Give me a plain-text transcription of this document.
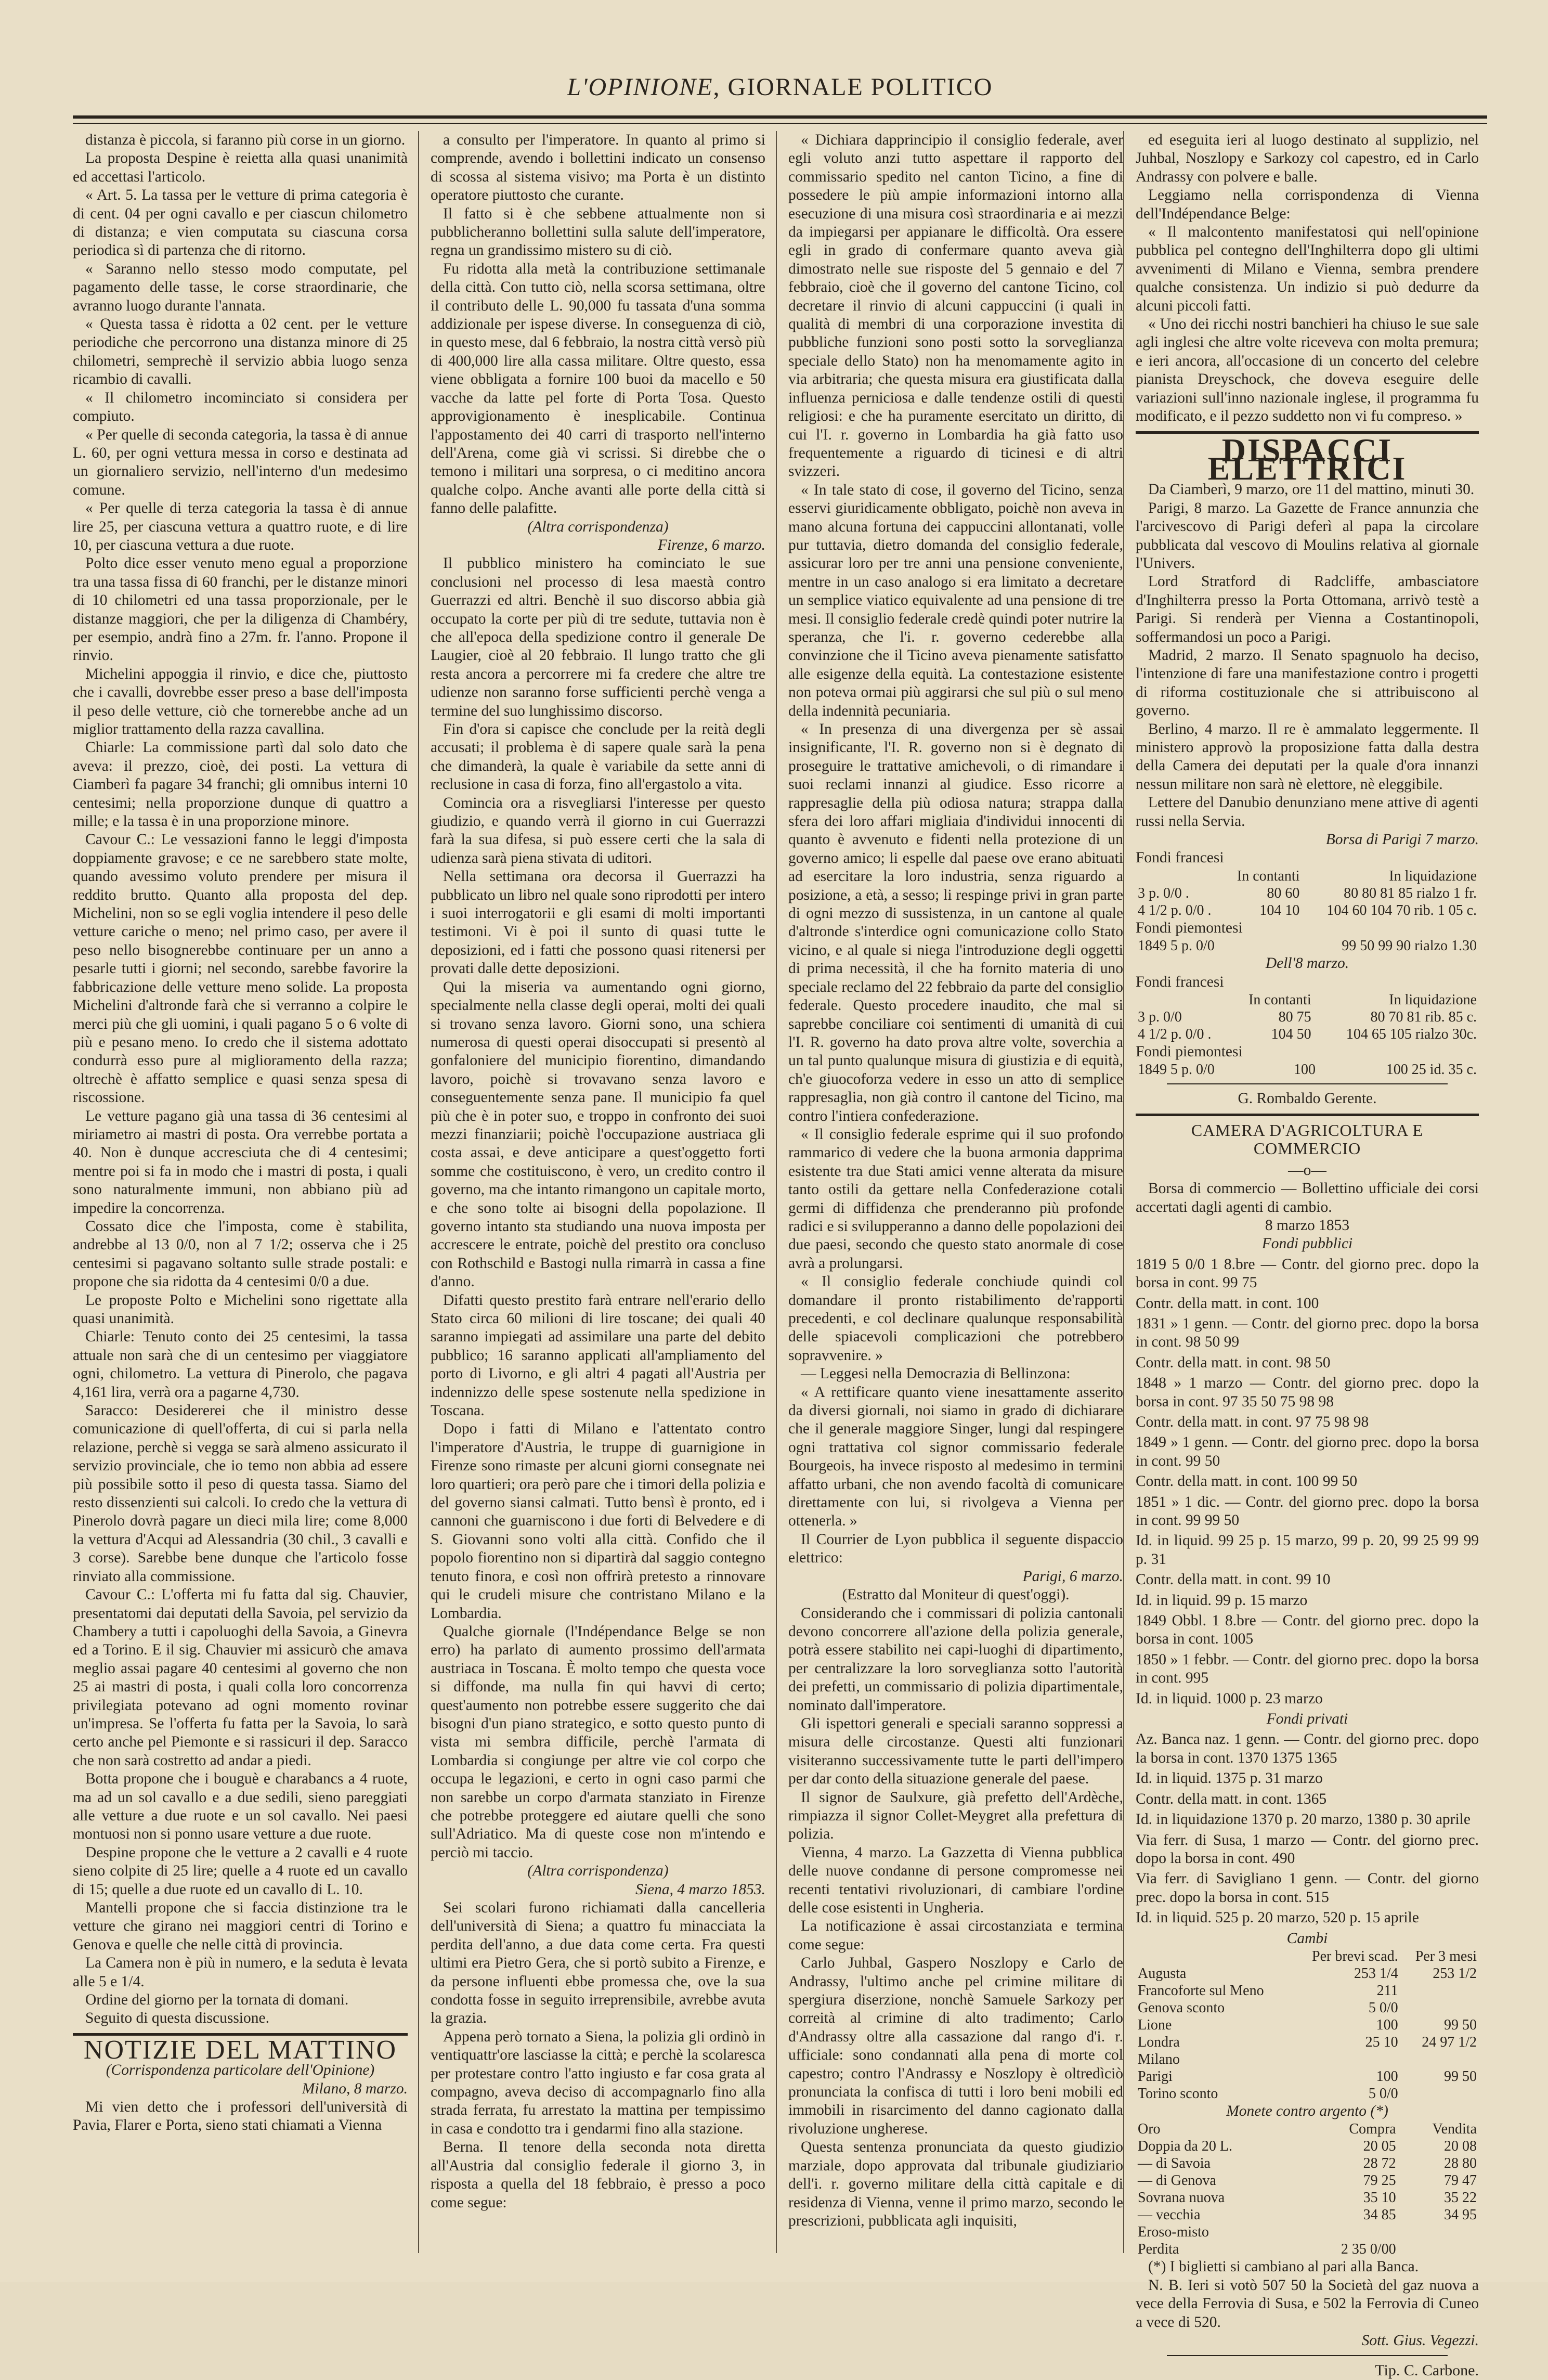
L'OPINIONE, GIORNALE POLITICO

distanza è piccola, si faranno più corse in un giorno.

La proposta Despine è reietta alla quasi unanimità ed accettasi l'articolo.

« Art. 5. La tassa per le vetture di prima categoria è di cent. 04 per ogni cavallo e per ciascun chilometro di distanza; e vien computata su ciascuna corsa periodica sì di partenza che di ritorno.

« Saranno nello stesso modo computate, pel pagamento delle tasse, le corse straordinarie, che avranno luogo durante l'annata.

« Questa tassa è ridotta a 02 cent. per le vetture periodiche che percorrono una distanza minore di 25 chilometri, semprechè il servizio abbia luogo senza ricambio di cavalli.

« Il chilometro incominciato si considera per compiuto.

« Per quelle di seconda categoria, la tassa è di annue L. 60, per ogni vettura messa in corso e destinata ad un giornaliero servizio, nell'interno d'un medesimo comune.

« Per quelle di terza categoria la tassa è di annue lire 25, per ciascuna vettura a quattro ruote, e di lire 10, per ciascuna vettura a due ruote.

Polto dice esser venuto meno egual a proporzione tra una tassa fissa di 60 franchi, per le distanze minori di 10 chilometri ed una tassa proporzionale, per le distanze maggiori, che per la diligenza di Chambéry, per esempio, andrà fino a 27m. fr. l'anno. Propone il rinvio.

Michelini appoggia il rinvio, e dice che, piuttosto che i cavalli, dovrebbe esser preso a base dell'imposta il peso delle vetture, ciò che tornerebbe anche ad un miglior trattamento della razza cavallina.

Chiarle: La commissione partì dal solo dato che aveva: il prezzo, cioè, dei posti. La vettura di Ciamberì fa pagare 34 franchi; gli omnibus interni 10 centesimi; nella proporzione dunque di quattro a mille; e la tassa è in una proporzione minore.

Cavour C.: Le vessazioni fanno le leggi d'imposta doppiamente gravose; e ce ne sarebbero state molte, quando avessimo voluto prendere per misura il reddito brutto. Quanto alla proposta del dep. Michelini, non so se egli voglia intendere il peso delle vetture cariche o meno; nel primo caso, per avere il peso nello bisognerebbe continuare per un anno a pesarle tutti i giorni; nel secondo, sarebbe favorire la fabbricazione delle vetture meno solide. La proposta Michelini d'altronde farà che si verranno a colpire le merci più che gli uomini, i quali pagano 5 o 6 volte di più e pesano meno. Io credo che il sistema adottato condurrà esso pure al miglioramento della razza; oltrechè è affatto semplice e quasi senza spesa di riscossione.

Le vetture pagano già una tassa di 36 centesimi al miriametro ai mastri di posta. Ora verrebbe portata a 40. Non è dunque accresciuta che di 4 centesimi; mentre poi si fa in modo che i mastri di posta, i quali sono naturalmente immuni, non abbiano più ad impedire la concorrenza.

Cossato dice che l'imposta, come è stabilita, andrebbe al 13 0/0, non al 7 1/2; osserva che i 25 centesimi si pagavano soltanto sulle strade postali: e propone che sia ridotta da 4 centesimi 0/0 a due.

Le proposte Polto e Michelini sono rigettate alla quasi unanimità.

Chiarle: Tenuto conto dei 25 centesimi, la tassa attuale non sarà che di un centesimo per viaggiatore ogni, chilometro. La vettura di Pinerolo, che pagava 4,161 lira, verrà ora a pagarne 4,730.

Saracco: Desidererei che il ministro desse comunicazione di quell'offerta, di cui si parla nella relazione, perchè si vegga se sarà almeno assicurato il servizio provinciale, che io temo non abbia ad essere più possibile sotto il peso di questa tassa. Siamo del resto dissenzienti sui calcoli. Io credo che la vettura di Pinerolo dovrà pagare un dieci mila lire; come 8,000 la vettura d'Acqui ad Alessandria (30 chil., 3 cavalli e 3 corse). Sarebbe bene dunque che l'articolo fosse rinviato alla commissione.

Cavour C.: L'offerta mi fu fatta dal sig. Chauvier, presentatomi dai deputati della Savoia, pel servizio da Chambery a tutti i capoluoghi della Savoia, a Ginevra ed a Torino. E il sig. Chauvier mi assicurò che amava meglio assai pagare 40 centesimi al governo che non 25 ai mastri di posta, i quali colla loro concorrenza privilegiata potevano ad ogni momento rovinar un'impresa. Se l'offerta fu fatta per la Savoia, lo sarà certo anche pel Piemonte e si rassicuri il dep. Saracco che non sarà costretto ad andar a piedi.

Botta propone che i bouguè e charabancs a 4 ruote, ma ad un sol cavallo e a due sedili, sieno pareggiati alle vetture a due ruote e un sol cavallo. Nei paesi montuosi non si ponno usare vetture a due ruote.

Despine propone che le vetture a 2 cavalli e 4 ruote sieno colpite di 25 lire; quelle a 4 ruote ed un cavallo di 15; quelle a due ruote ed un cavallo di L. 10.

Mantelli propone che si faccia distinzione tra le vetture che girano nei maggiori centri di Torino e Genova e quelle che nelle città di provincia.

La Camera non è più in numero, e la seduta è levata alle 5 e 1/4.

Ordine del giorno per la tornata di domani.

Seguito di questa discussione.

NOTIZIE DEL MATTINO
(Corrispondenza particolare dell'Opinione)
Milano, 8 marzo.

Mi vien detto che i professori dell'università di Pavia, Flarer e Porta, sieno stati chiamati a Vienna

a consulto per l'imperatore. In quanto al primo si comprende, avendo i bollettini indicato un consenso di scossa al sistema visivo; ma Porta è un distinto operatore piuttosto che curante.

Il fatto si è che sebbene attualmente non si pubblicheranno bollettini sulla salute dell'imperatore, regna un grandissimo mistero su di ciò.

Fu ridotta alla metà la contribuzione settimanale della città. Con tutto ciò, nella scorsa settimana, oltre il contributo delle L. 90,000 fu tassata d'una somma addizionale per ispese diverse. In conseguenza di ciò, in questo mese, dal 6 febbraio, la nostra città versò più di 400,000 lire alla cassa militare. Oltre questo, essa viene obbligata a fornire 100 buoi da macello e 50 vacche da latte pel forte di Porta Tosa. Questo approvigionamento è inesplicabile. Continua l'appostamento dei 40 carri di trasporto nell'interno dell'Arena, come già vi scrissi. Si direbbe che o temono i militari una sorpresa, o ci meditino ancora qualche colpo. Anche avanti alle porte della città si fanno delle palafitte.

(Altra corrispondenza)
Firenze, 6 marzo.

Il pubblico ministero ha cominciato le sue conclusioni nel processo di lesa maestà contro Guerrazzi ed altri. Benchè il suo discorso abbia già occupato la corte per più di tre sedute, tuttavia non è che all'epoca della spedizione contro il generale De Laugier, cioè al 20 febbraio. Il lungo tratto che gli resta ancora a percorrere mi fa credere che altre tre udienze non saranno forse sufficienti perchè venga a termine del suo lunghissimo discorso.

Fin d'ora si capisce che conclude per la reità degli accusati; il problema è di sapere quale sarà la pena che dimanderà, la quale è variabile da sette anni di reclusione in casa di forza, fino all'ergastolo a vita.

Comincia ora a risvegliarsi l'interesse per questo giudizio, e quando verrà il giorno in cui Guerrazzi farà la sua difesa, si può essere certi che la sala di udienza sarà piena stivata di uditori.

Nella settimana ora decorsa il Guerrazzi ha pubblicato un libro nel quale sono riprodotti per intero i suoi interrogatorii e gli esami di molti importanti testimoni. Vi è poi il sunto di quasi tutte le deposizioni, ed i fatti che possono quasi ritenersi per provati dalle dette deposizioni.

Qui la miseria va aumentando ogni giorno, specialmente nella classe degli operai, molti dei quali si trovano senza lavoro. Giorni sono, una schiera numerosa di questi operai disoccupati si presentò al gonfaloniere del municipio fiorentino, dimandando lavoro, poichè si trovavano senza lavoro e conseguentemente senza pane. Il municipio fa quel più che è in poter suo, e troppo in confronto dei suoi mezzi finanziarii; poichè l'occupazione austriaca gli costa assai, e deve anticipare a quest'oggetto forti somme che costituiscono, è vero, un credito contro il governo, ma che intanto rimangono un capitale morto, e che sono tolte ai bisogni della popolazione. Il governo intanto sta studiando una nuova imposta per accrescere le entrate, poichè del prestito ora concluso con Rothschild e Bastogi nulla rimarrà in cassa a fine d'anno.

Difatti questo prestito farà entrare nell'erario dello Stato circa 60 milioni di lire toscane; dei quali 40 saranno impiegati ad assimilare una parte del debito pubblico; 16 saranno applicati all'ampliamento del porto di Livorno, e gli altri 4 pagati all'Austria per indennizzo delle spese sostenute nella spedizione in Toscana.

Dopo i fatti di Milano e l'attentato contro l'imperatore d'Austria, le truppe di guarnigione in Firenze sono rimaste per alcuni giorni consegnate nei loro quartieri; ora però pare che i timori della polizia e del governo siansi calmati. Tutto bensì è pronto, ed i cannoni che guarniscono i due forti di Belvedere e di S. Giovanni sono volti alla città. Confido che il popolo fiorentino non si dipartirà dal saggio contegno tenuto finora, e così non offrirà pretesto a rinnovare qui le crudeli misure che contristano Milano e la Lombardia.

Qualche giornale (l'Indépendance Belge se non erro) ha parlato di aumento prossimo dell'armata austriaca in Toscana. È molto tempo che questa voce si diffonde, ma nulla fin qui havvi di certo; quest'aumento non potrebbe essere suggerito che dai bisogni d'un piano strategico, e sotto questo punto di vista mi sembra difficile, perchè l'armata di Lombardia si congiunge per altre vie col corpo che occupa le legazioni, e certo in ogni caso parmi che non sarebbe un corpo d'armata stanziato in Firenze che potrebbe proteggere ed aiutare quelli che sono sull'Adriatico. Ma di queste cose non m'intendo e perciò mi taccio.

(Altra corrispondenza)
Siena, 4 marzo 1853.

Sei scolari furono richiamati dalla cancelleria dell'università di Siena; a quattro fu minacciata la perdita dell'anno, a due data come certa. Fra questi ultimi era Pietro Gera, che si portò subito a Firenze, e da persone influenti ebbe promessa che, ove la sua condotta fosse in seguito irreprensibile, avrebbe avuta la grazia.

Appena però tornato a Siena, la polizia gli ordinò in ventiquattr'ore lasciasse la città; e perchè la scolaresca per protestare contro l'atto ingiusto e far cosa grata al compagno, aveva deciso di accompagnarlo fino alla strada ferrata, fu arrestato la mattina per tempissimo in casa e condotto tra i gendarmi fino alla stazione.

Berna. Il tenore della seconda nota diretta all'Austria dal consiglio federale il giorno 3, in risposta a quella del 18 febbraio, è presso a poco come segue:

« Dichiara dapprincipio il consiglio federale, aver egli voluto anzi tutto aspettare il rapporto del commissario spedito nel canton Ticino, a fine di possedere le più ampie informazioni intorno alla esecuzione di una misura così straordinaria e ai mezzi da impiegarsi per appianare le difficoltà. Ora essere egli in grado di confermare quanto aveva già dimostrato nelle sue risposte del 5 gennaio e del 7 febbraio, cioè che il governo del cantone Ticino, col decretare il rinvio di alcuni cappuccini (i quali in qualità di membri di una corporazione investita di pubbliche funzioni sono posti sotto la sorveglianza speciale dello Stato) non ha menomamente agito in via arbitraria; che questa misura era giustificata dalla influenza perniciosa e dalle tendenze ostili di questi religiosi: e che ha puramente esercitato un diritto, di cui l'I. r. governo in Lombardia ha già fatto uso frequentemente a riguardo di ticinesi e di altri svizzeri.

« In tale stato di cose, il governo del Ticino, senza esservi giuridicamente obbligato, poichè non aveva in mano alcuna fortuna dei cappuccini allontanati, volle pur tuttavia, dietro domanda del consiglio federale, assicurar loro per tre anni una pensione conveniente, mentre in un caso analogo si era limitato a decretare un semplice viatico equivalente ad una pensione di tre mesi. Il consiglio federale credè quindi poter nutrire la speranza, che l'i. r. governo cederebbe alla convinzione che il Ticino aveva pienamente satisfatto alle esigenze della equità. La contestazione esistente non poteva ormai più aggirarsi che sul più o sul meno della indennità pecuniaria.

« In presenza di una divergenza per sè assai insignificante, l'I. R. governo non si è degnato di proseguire le trattative amichevoli, o di rimandare i suoi reclami innanzi al giudice. Esso ricorre a rappresaglie della più odiosa natura; strappa dalla sfera dei loro affari migliaia d'individui innocenti di quanto è avvenuto e fidenti nella protezione di un governo amico; li espelle dal paese ove erano abituati ad esercitare la loro industria, senza riguardo a posizione, a età, a sesso; li respinge privi in gran parte di ogni mezzo di sussistenza, in un cantone al quale d'altronde s'interdice ogni comunicazione collo Stato vicino, e al quale si niega l'introduzione degli oggetti di prima necessità, il che ha fornito materia di uno speciale reclamo del 22 febbraio da parte del consiglio federale. Questo procedere inaudito, che mal si saprebbe conciliare coi sentimenti di umanità di cui l'I. R. governo ha dato prova altre volte, soverchia a un tal punto qualunque misura di giustizia e di equità, ch'e giuocoforza vedere in esso un atto di semplice rappresaglia, non già contro il cantone del Ticino, ma contro l'intiera confederazione.

« Il consiglio federale esprime qui il suo profondo rammarico di vedere che la buona armonia dapprima esistente tra due Stati amici venne alterata da misure tanto ostili da gettare nella Confederazione cotali germi di diffidenza che prenderanno più profonde radici e si svilupperanno a danno delle popolazioni dei due paesi, secondo che questo stato anormale di cose avrà a prolungarsi.

« Il consiglio federale conchiude quindi col domandare il pronto ristabilimento de'rapporti precedenti, e col declinare qualunque responsabilità delle spiacevoli complicazioni che potrebbero sopravvenire. »

— Leggesi nella Democrazia di Bellinzona:

« A rettificare quanto viene inesattamente asserito da diversi giornali, noi siamo in grado di dichiarare che il generale maggiore Singer, lungi dal respingere ogni trattativa col signor commissario federale Bourgeois, ha invece rispostо al medesimo in termini affatto urbani, che non avendo facoltà di comunicare direttamente con lui, si rivolgeva a Vienna per ottenerla. »

Il Courrier de Lyon pubblica il seguente dispaccio elettrico:

Parigi, 6 marzo.
(Estratto dal Moniteur di quest'oggi).

Considerando che i commissari di polizia cantonali devono concorrere all'azione della polizia generale, potrà essere stabilito nei capi-luoghi di dipartimento, per centralizzare la loro sorveglianza sotto l'autorità dei prefetti, un commissario di polizia dipartimentale, nominato dall'imperatore.

Gli ispettori generali e speciali saranno soppressi a misura delle circostanze. Questi alti funzionari visiteranno successivamente tutte le parti dell'impero per dar conto della situazione generale del paese.

Il signor de Saulxure, già prefetto dell'Ardèche, rimpiazza il signor Collet-Meygret alla prefettura di polizia.

Vienna, 4 marzo. La Gazzetta di Vienna pubblica delle nuove condanne di persone compromesse nei recenti tentativi rivoluzionari, di cambiare l'ordine delle cose esistenti in Ungheria.

La notificazione è assai circostanziata e termina come segue:

Carlo Juhbal, Gaspero Noszlopy e Carlo de Andrassy, l'ultimo anche pel crimine militare di spergiura diserzione, nonchè Samuele Sarkozy per correità al crimine di alto tradimento; Carlo d'Andrassy oltre alla cassazione dal rango d'i. r. ufficiale: sono condannati alla pena di morte col capestro; contro l'Andrassy e Noszlopy è oltredìciò pronunciata la confisca di tutti i loro beni mobili ed immobili in risarcimento del danno cagionato dalla rivoluzione ungherese.

Questa sentenza pronunciata da questo giudizio marziale, dopo approvata dal tribunale giudiziario dell'i. r. governo militare della città capitale e di residenza di Vienna, venne il primo marzo, secondo le prescrizioni, pubblicata agli inquisiti,

ed eseguita ieri al luogo destinato al supplizio, nel Juhbal, Noszlopy e Sarkozy col capestro, ed in Carlo Andrassy con polvere e balle.

Leggiamo nella corrispondenza di Vienna dell'Indépendance Belge:

« Il malcontento manifestatosi qui nell'opinione pubblica pel contegno dell'Inghilterra dopo gli ultimi avvenimenti di Milano e Vienna, sembra prendere qualche consistenza. Un indizio si può dedurre da alcuni piccoli fatti.

« Uno dei ricchi nostri banchieri ha chiuso le sue sale agli inglesi che altre volte riceveva con molta premura; e ieri ancora, all'occasione di un concerto del celebre pianista Dreyschock, che doveva eseguire delle variazioni sull'inno nazionale inglese, il programma fu modificato, e il pezzo suddetto non vi fu compreso. »

DISPACCI ELETTRICI

Da Ciamberì, 9 marzo, ore 11 del mattino, minuti 30.

Parigi, 8 marzo. La Gazette de France annunzia che l'arcivescovo di Parigi deferì al papa la circolare pubblicata dal vescovo di Moulins relativa al giornale l'Univers.

Lord Stratford di Radcliffe, ambasciatore d'Inghilterra presso la Porta Ottomana, arrivò testè a Parigi. Si renderà per Vienna a Costantinopoli, soffermandosi un poco a Parigi.

Madrid, 2 marzo. Il Senato spagnuolo ha deciso, l'intenzione di fare una manifestazione contro i progetti di riforma costituzionale che si attribuiscono al governo.

Berlino, 4 marzo. Il re è ammalato leggermente. Il ministero approvò la proposizione fatta dalla destra della Camera dei deputati per la quale d'ora innanzi nessun militare non sarà nè elettore, nè eleggibile.

Lettere del Danubio denunziano mene attive di agenti russi nella Servia.

Borsa di Parigi 7 marzo.
Fondi francesi
	In contanti	In liquidazione
3 p. 0/0 .	80 60	80 80 81 85 rialzo 1 fr.
4 1/2 p. 0/0 .	104 10	104 60 104 70 rib. 1 05 c.
Fondi piemontesi
1849 5 p. 0/0		99 50 99 90 rialzo 1.30
Dell'8 marzo.
Fondi francesi
	In contanti	In liquidazione
3 p. 0/0	80 75	80 70 81 rib. 85 c.
4 1/2 p. 0/0 .	104 50	104 65 105 rialzo 30c.
Fondi piemontesi
1849 5 p. 0/0	100	100 25 id. 35 c.
G. Rombaldo Gerente.
CAMERA D'AGRICOLTURA E COMMERCIO
—o—

Borsa di commercio — Bollettino ufficiale dei corsi accertati dagli agenti di cambio.

8 marzo 1853
Fondi pubblici
1819 5 0/0 1 8.bre — Contr. del giorno prec. dopo la borsa in cont. 99 75
Contr. della matt. in cont. 100
1831 » 1 genn. — Contr. del giorno prec. dopo la borsa in cont. 98 50 99
Contr. della matt. in cont. 98 50
1848 » 1 marzo — Contr. del giorno prec. dopo la borsa in cont. 97 35 50 75 98 98
Contr. della matt. in cont. 97 75 98 98
1849 » 1 genn. — Contr. del giorno prec. dopo la borsa in cont. 99 50
Contr. della matt. in cont. 100 99 50
1851 » 1 dic. — Contr. del giorno prec. dopo la borsa in cont. 99 99 50
Id. in liquid. 99 25 p. 15 marzo, 99 p. 20, 99 25 99 99 p. 31
Contr. della matt. in cont. 99 10
Id. in liquid. 99 p. 15 marzo
1849 Obbl. 1 8.bre — Contr. del giorno prec. dopo la borsa in cont. 1005
1850 » 1 febbr. — Contr. del giorno prec. dopo la borsa in cont. 995
Id. in liquid. 1000 p. 23 marzo
Fondi privati
Az. Banca naz. 1 genn. — Contr. del giorno prec. dopo la borsa in cont. 1370 1375 1365
Id. in liquid. 1375 p. 31 marzo
Contr. della matt. in cont. 1365
Id. in liquidazione 1370 p. 20 marzo, 1380 p. 30 aprile
Via ferr. di Susa, 1 marzo — Contr. del giorno prec. dopo la borsa in cont. 490
Via ferr. di Savigliano 1 genn. — Contr. del giorno prec. dopo la borsa in cont. 515
Id. in liquid. 525 p. 20 marzo, 520 p. 15 aprile
Cambi
	Per brevi scad.	Per 3 mesi
Augusta	253 1/4	253 1/2
Francoforte sul Meno	211	
Genova sconto	5 0/0	
Lione	100	99 50
Londra	25 10	24 97 1/2
Milano		
Parigi	100	99 50
Torino sconto	5 0/0	
Monete contro argento (*)
Oro	Compra	Vendita
Doppia da 20 L.	20 05	20 08
— di Savoia	28 72	28 80
— di Genova	79 25	79 47
Sovrana nuova	35 10	35 22
— vecchia	34 85	34 95
Eroso-misto		
Perdita	2 35 0/00	

(*) I biglietti si cambiano al pari alla Banca.

N. B. Ieri si votò 507 50 la Società del gaz nuova a vece della Ferrovia di Susa, e 502 la Ferrovia di Cuneo a vece di 520.

Sott. Gius. Vegezzi.
Tip. C. Carbone.
